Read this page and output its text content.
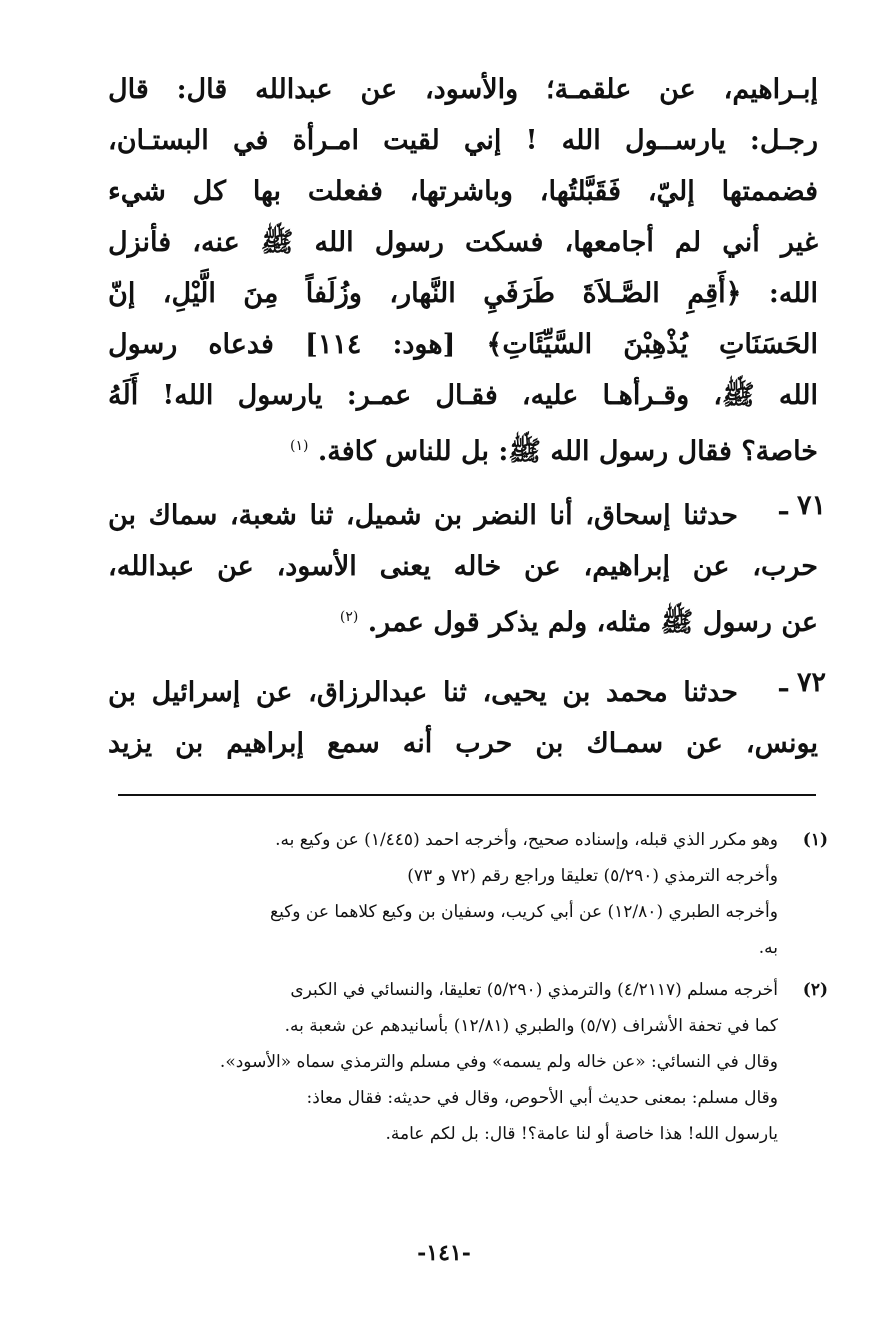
إبـراهيم، عن علقمـة؛ والأسود، عن عبدالله قال: قال
رجـل: يارســول الله ! إني لقيت امـرأة في البستـان،
فضممتها إليّ، فَقَبَّلتُها، وباشرتها، ففعلت بها كل شيء
غير أني لم أجامعها، فسكت رسول الله ﷺ عنه، فأنزل
الله: ﴿أَقِمِ الصَّـلاَةَ طَرَفَيِ النَّهار، وزُلَفاً مِنَ الَّيْلِ، إنّ
الحَسَنَاتِ يُذْهِبْنَ السَّيِّئَاتِ﴾ [هود: ١١٤] فدعاه رسول
الله ﷺ، وقـرأهـا عليه، فقـال عمـر: يارسول الله! أَلَهُ
خاصة؟ فقال رسول الله ﷺ: بل للناس كافة. $^{(١)}$
٧١ ـ
حدثنا إسحاق، أنا النضر بن شميل، ثنا شعبة، سماك بن
حرب، عن إبراهيم، عن خاله يعنى الأسود، عن عبدالله،
عن رسول ﷺ مثله، ولم يذكر قول عمر. $^{(٢)}$
٧٢ ـ
حدثنا محمد بن يحيى، ثنا عبدالرزاق، عن إسرائيل بن
يونس، عن سمـاك بن حرب أنه سمع إبراهيم بن يزيد
(١)
وهو مكرر الذي قبله، وإسناده صحيح، وأخرجه احمد (١/٤٤٥) عن وكيع به.
وأخرجه الترمذي (٥/٢٩٠) تعليقا وراجع رقم (٧٢ و ٧٣)
وأخرجه الطبري (١٢/٨٠) عن أبي كريب، وسفيان بن وكيع كلاهما عن وكيع
به.
(٢)
أخرجه مسلم (٤/٢١١٧) والترمذي (٥/٢٩٠) تعليقا، والنسائي في الكبرى
كما في تحفة الأشراف (٥/٧) والطبري (١٢/٨١) بأسانيدهم عن شعبة به.
وقال في النسائي: «عن خاله ولم يسمه» وفي مسلم والترمذي سماه «الأسود».
وقال مسلم: بمعنى حديث أبي الأحوص، وقال في حديثه: فقال معاذ:
يارسول الله! هذا خاصة أو لنا عامة؟! قال: بل لكم عامة.
-١٤١-
